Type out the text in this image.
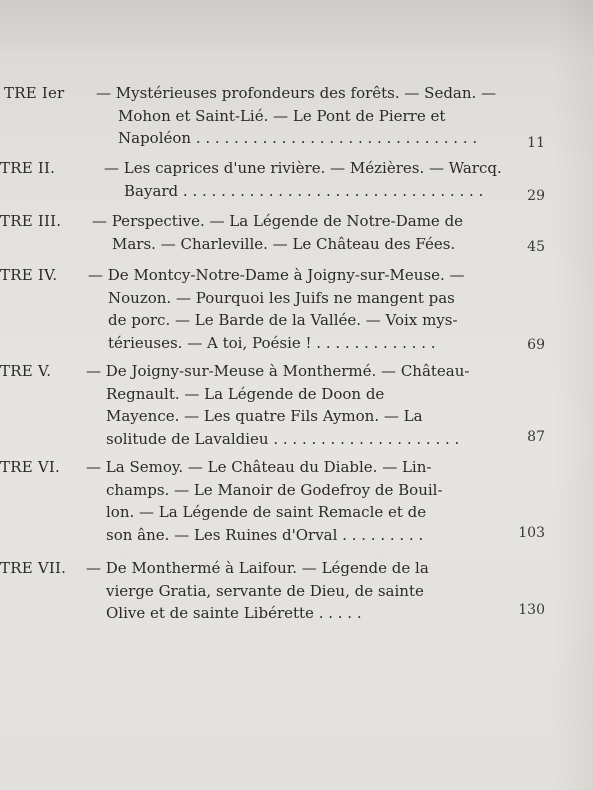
TRE Ier — Mystérieuses profondeurs des forêts. — Sedan. —
Mohon et Saint-Lié. — Le Pont de Pierre et
Napoléon . . . . . . . . . . . . . . . . . . . . . . . . . . . . . .	11
TRE II.	— Les caprices d'une rivière. — Mézières. — Warcq.
Bayard . . . . . . . . . . . . . . . . . . . . . . . . . . . . . . . .	29
TRE III. — Perspective. — La Légende de Notre-Dame de
Mars. — Charleville. — Le Château des Fées.	45
TRE IV. — De Montcy-Notre-Dame à Joigny-sur-Meuse. —
Nouzon. — Pourquoi les Juifs ne mangent pas
de porc. — Le Barde de la Vallée. — Voix mys-
térieuses. — A toi, Poésie ! . . . . . . . . . . . . .	69
TRE V. — De Joigny-sur-Meuse à Monthermé. — Château-
Regnault. — La Légende de Doon de
Mayence. — Les quatre Fils Aymon. — La
solitude de Lavaldieu . . . . . . . . . . . . . . . . . . . .	87
TRE VI. — La Semoy. — Le Château du Diable. — Lin-
champs. — Le Manoir de Godefroy de Bouil-
lon. — La Légende de saint Remacle et de
son âne. — Les Ruines d'Orval . . . . . . . . .	103
TRE VII. — De Monthermé à Laifour. — Légende de la
vierge Gratia, servante de Dieu, de sainte
Olive et de sainte Libérette . . . . .	130
